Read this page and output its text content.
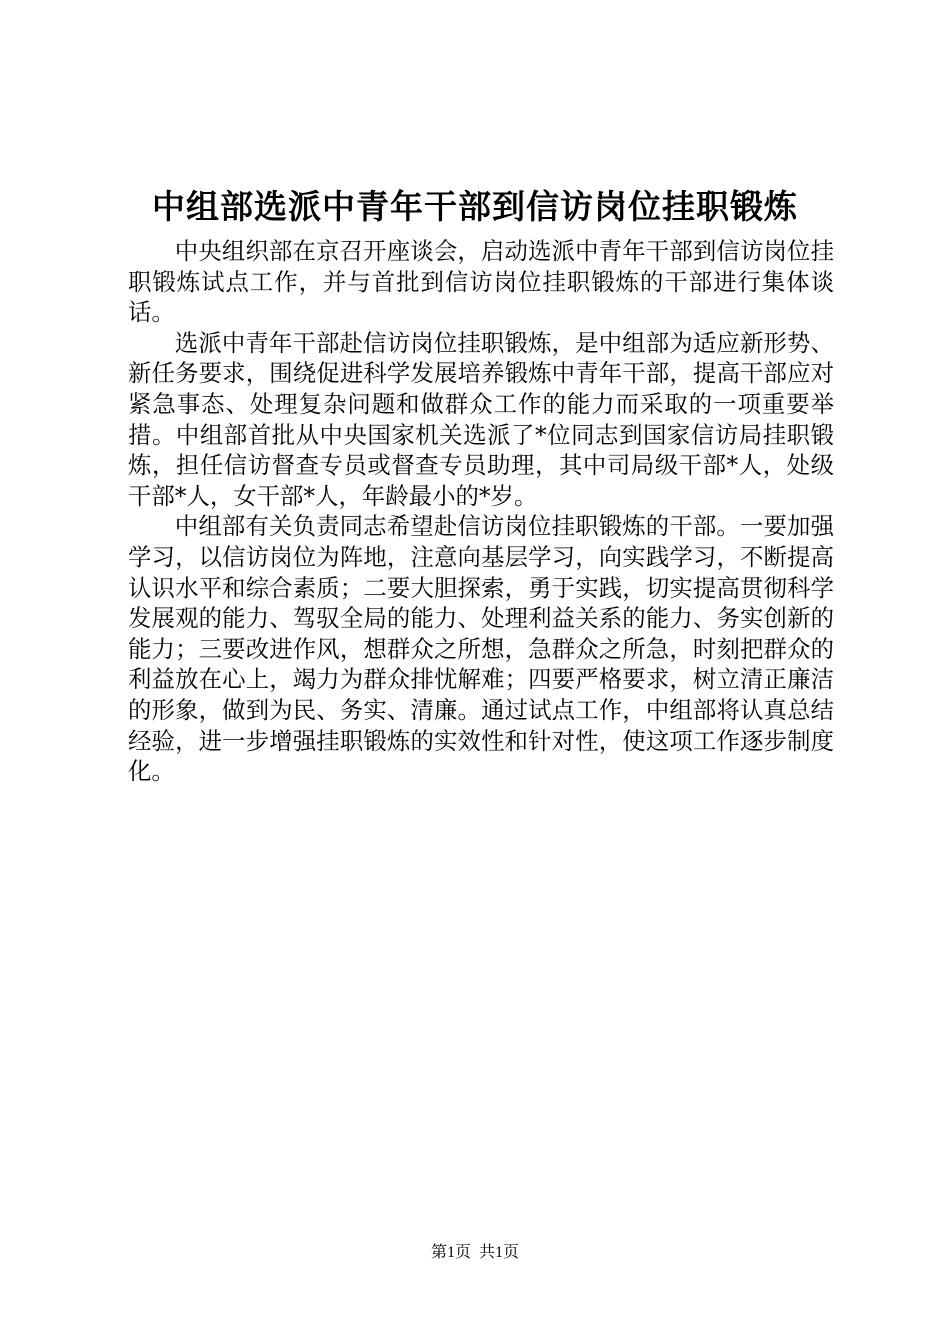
中组部选派中青年干部到信访岗位挂职锻炼

中央组织部在京召开座谈会，启动选派中青年干部到信访岗位挂职锻炼试点工作，并与首批到信访岗位挂职锻炼的干部进行集体谈话。

选派中青年干部赴信访岗位挂职锻炼，是中组部为适应新形势、新任务要求，围绕促进科学发展培养锻炼中青年干部，提高干部应对紧急事态、处理复杂问题和做群众工作的能力而采取的一项重要举措。中组部首批从中央国家机关选派了*位同志到国家信访局挂职锻炼，担任信访督查专员或督查专员助理，其中司局级干部*人，处级干部*人，女干部*人，年龄最小的*岁。

中组部有关负责同志希望赴信访岗位挂职锻炼的干部。一要加强学习，以信访岗位为阵地，注意向基层学习，向实践学习，不断提高认识水平和综合素质；二要大胆探索，勇于实践，切实提高贯彻科学发展观的能力、驾驭全局的能力、处理利益关系的能力、务实创新的能力；三要改进作风，想群众之所想，急群众之所急，时刻把群众的利益放在心上，竭力为群众排忧解难；四要严格要求，树立清正廉洁的形象，做到为民、务实、清廉。通过试点工作，中组部将认真总结经验，进一步增强挂职锻炼的实效性和针对性，使这项工作逐步制度化。

第1页 共1页
